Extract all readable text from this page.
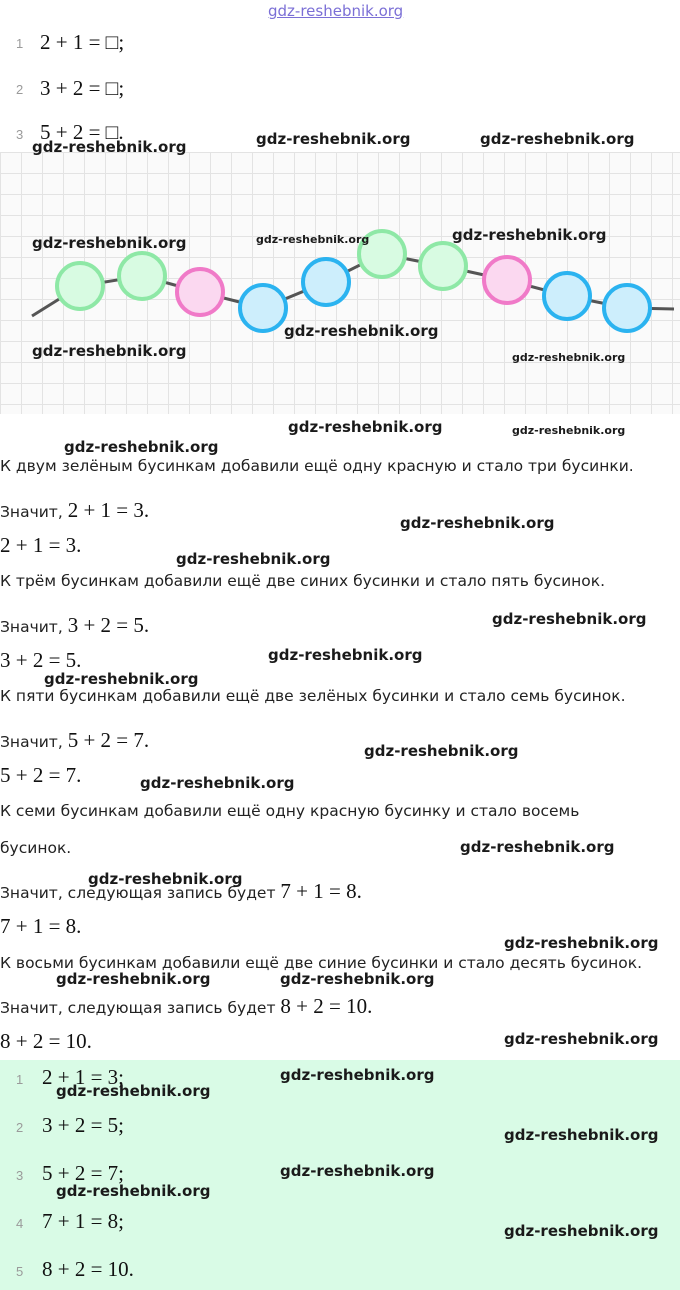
gdz-reshebnik.org
1 2 + 1 = □;
2 3 + 2 = □;
3 5 + 2 = □.
К двум зелёным бусинкам добавили ещё одну красную и стало три бусинки.
Значит, 2 + 1 = 3.
2 + 1 = 3.
К трём бусинкам добавили ещё две синих бусинки и стало пять бусинок.
Значит, 3 + 2 = 5.
3 + 2 = 5.
К пяти бусинкам добавили ещё две зелёных бусинки и стало семь бусинок.
Значит, 5 + 2 = 7.
5 + 2 = 7.
К семи бусинкам добавили ещё одну красную бусинку и стало восемь
бусинок.
Значит, следующая запись будет 7 + 1 = 8.
7 + 1 = 8.
К восьми бусинкам добавили ещё две синие бусинки и стало десять бусинок.
Значит, следующая запись будет 8 + 2 = 10.
8 + 2 = 10.
1 2 + 1 = 3;
2 3 + 2 = 5;
3 5 + 2 = 7;
4 7 + 1 = 8;
5 8 + 2 = 10.
gdz-reshebnik.org	gdz-reshebnik.org	gdz-reshebnik.org
gdz-reshebnik.org	gdz-reshebnik.org	gdz-reshebnik.org
gdz-reshebnik.org
gdz-reshebnik.org	gdz-reshebnik.org
gdz-reshebnik.org	gdz-reshebnik.org
gdz-reshebnik.org
gdz-reshebnik.org
gdz-reshebnik.org
gdz-reshebnik.org
gdz-reshebnik.org
gdz-reshebnik.org
gdz-reshebnik.org
gdz-reshebnik.org
gdz-reshebnik.org
gdz-reshebnik.org
gdz-reshebnik.org
gdz-reshebnik.org	gdz-reshebnik.org
gdz-reshebnik.org
gdz-reshebnik.org
gdz-reshebnik.org
gdz-reshebnik.org
gdz-reshebnik.org
gdz-reshebnik.org
gdz-reshebnik.org
